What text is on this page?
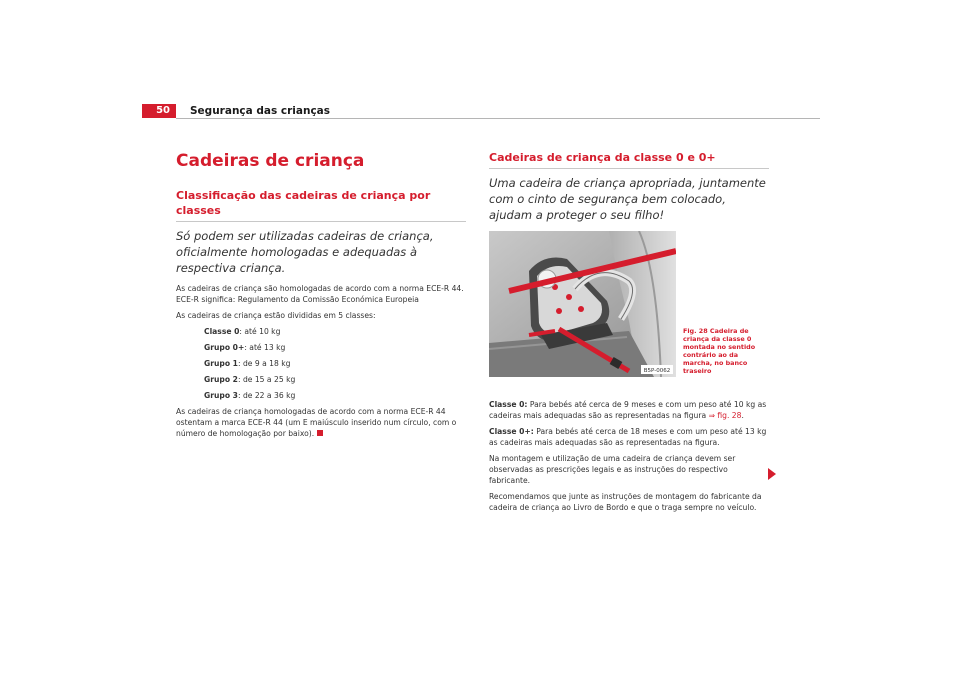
50	Segurança das crianças
Cadeiras de criança
Classificação das cadeiras de criança por classes
Só podem ser utilizadas cadeiras de criança, oficialmente homologadas e adequadas à respectiva criança.

As cadeiras de criança são homologadas de acordo com a norma ECE-R 44. ECE-R significa: Regulamento da Comissão Económica Europeia

As cadeiras de criança estão divididas em 5 classes:

Classe 0: até 10 kg
Grupo 0+: até 13 kg
Grupo 1: de 9 a 18 kg
Grupo 2: de 15 a 25 kg
Grupo 3: de 22 a 36 kg

As cadeiras de criança homologadas de acordo com a norma ECE-R 44 ostentam a marca ECE-R 44 (um E maiúsculo inserido num círculo, com o número de homologação por baixo).

Cadeiras de criança da classe 0 e 0+
Uma cadeira de criança apropriada, juntamente com o cinto de segurança bem colocado, ajudam a proteger o seu filho!
B5P-0062
Fig. 28 Cadeira de criança da classe 0 montada no sentido contrário ao da marcha, no banco traseiro

Classe 0: Para bebés até cerca de 9 meses e com um peso até 10 kg as cadeiras mais adequadas são as representadas na figura ⇒ fig. 28.

Classe 0+: Para bebés até cerca de 18 meses e com um peso até 13 kg as cadeiras mais adequadas são as representadas na figura.

Na montagem e utilização de uma cadeira de criança devem ser observadas as prescrições legais e as instruções do respectivo fabricante.

Recomendamos que junte as instruções de montagem do fabricante da cadeira de criança ao Livro de Bordo e que o traga sempre no veículo.
